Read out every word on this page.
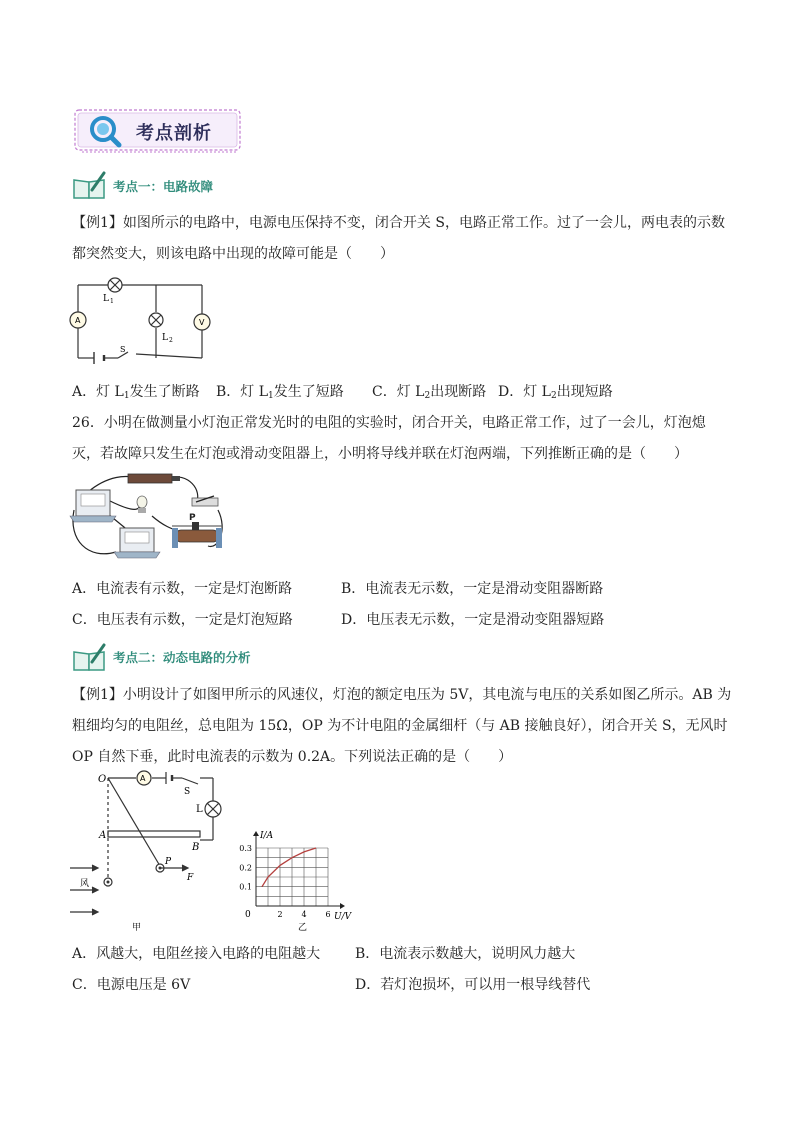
考点剖析
考点一：电路故障
【例1】如图所示的电路中，电源电压保持不变，闭合开关 S，电路正常工作。过了一会儿，两电表的示数都突然变大，则该电路中出现的故障可能是（　　）
L 1
L 2
A	V
S
A．灯 $L_1$发生了断路 B．灯 $L_1$发生了短路 C．灯 $L_2$出现断路 D．灯 $L_2$出现短路
26．小明在做测量小灯泡正常发光时的电阻的实验时，闭合开关，电路正常工作，过了一会儿，灯泡熄灭，若故障只发生在灯泡或滑动变阻器上，小明将导线并联在灯泡两端，下列推断正确的是（　　）
P
A．电流表有示数，一定是灯泡断路	B．电流表无示数，一定是滑动变阻器断路
C．电压表有示数，一定是灯泡短路	D．电压表无示数，一定是滑动变阻器短路
考点二：动态电路的分析
【例1】小明设计了如图甲所示的风速仪，灯泡的额定电压为 5V，其电流与电压的关系如图乙所示。AB 为粗细均匀的电阻丝，总电阻为 15Ω，OP 为不计电阻的金属细杆（与 AB 接触良好），闭合开关 S，无风时 OP 自然下垂，此时电流表的示数为 0.2A。下列说法正确的是（　　）
O	A
S
L
A
B
P
F
风
甲
2 4 6
0.1
0.2
0.3
I/A
U/V
0
乙
A．风越大，电阻丝接入电路的电阻越大 B．电流表示数越大，说明风力越大
C．电源电压是 6V	D．若灯泡损坏，可以用一根导线替代
